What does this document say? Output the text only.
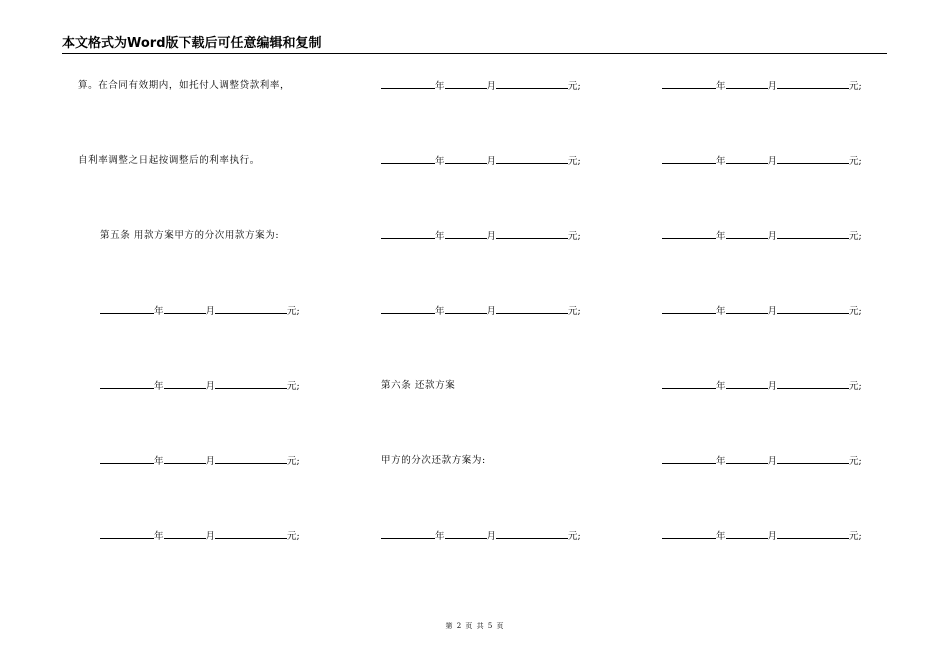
本文格式为Word版下载后可任意编辑和复制
算。在合同有效期内，如托付人调整贷款利率，
自利率调整之日起按调整后的利率执行。
第五条 用款方案甲方的分次用款方案为:
年	月	元;
年	月	元;
年	月	元;
年	月	元;
年	月	元;
年	月	元;
年	月	元;
年	月	元;
第六条 还款方案
甲方的分次还款方案为:
年	月	元;
年	月	元;
年	月	元;
年	月	元;
年	月	元;
年	月	元;
年	月	元;
年	月	元;
第 2 页 共 5 页
